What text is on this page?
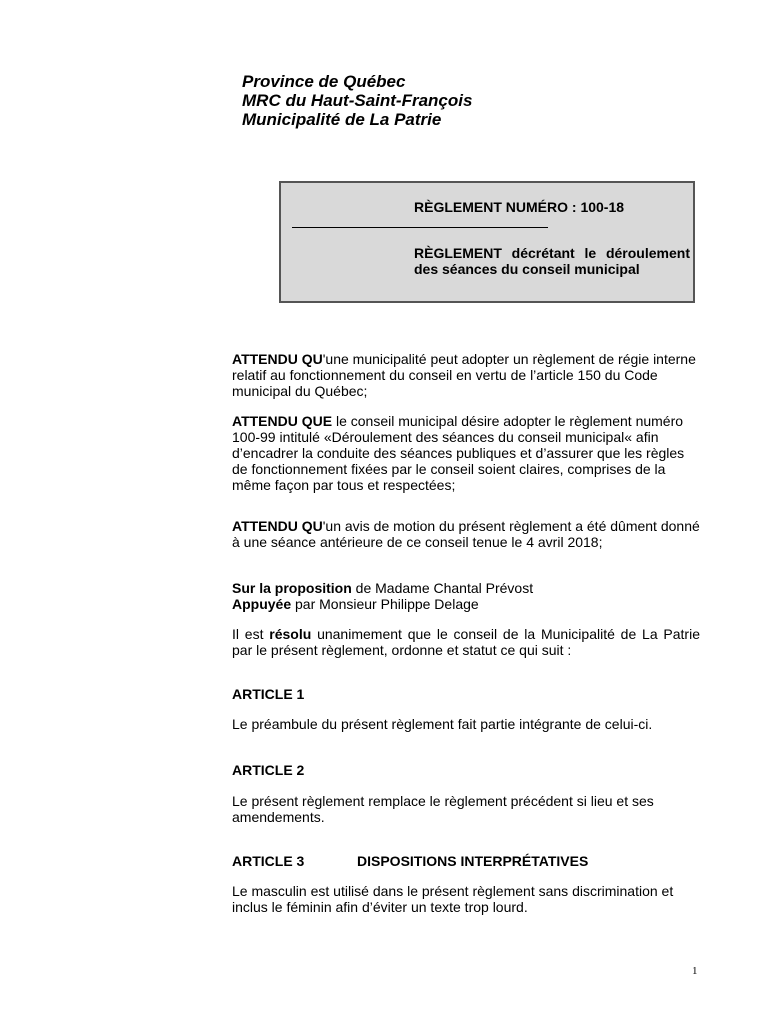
Province de Québec
MRC du Haut-Saint-François
Municipalité de La Patrie
RÈGLEMENT NUMÉRO : 100-18
RÈGLEMENT décrétant le déroulement des séances du conseil municipal
ATTENDU QU'une municipalité peut adopter un règlement de régie interne relatif au fonctionnement du conseil en vertu de l’article 150 du Code municipal du Québec;
ATTENDU QUE le conseil municipal désire adopter le règlement numéro 100-99 intitulé «Déroulement des séances du conseil municipal« afin d’encadrer la conduite des séances publiques et d’assurer que les règles de fonctionnement fixées par le conseil soient claires, comprises de la même façon par tous et respectées;
ATTENDU QU'un avis de motion du présent règlement a été dûment donné à une séance antérieure de ce conseil tenue le 4 avril 2018;
Sur la proposition de Madame Chantal Prévost
Appuyée par Monsieur Philippe Delage
Il est résolu unanimement que le conseil de la Municipalité de La Patrie par le présent règlement, ordonne et statut ce qui suit :
ARTICLE 1
Le préambule du présent règlement fait partie intégrante de celui-ci.
ARTICLE 2
Le présent règlement remplace le règlement précédent si lieu et ses amendements.
ARTICLE 3	DISPOSITIONS INTERPRÉTATIVES
Le masculin est utilisé dans le présent règlement sans discrimination et inclus le féminin afin d’éviter un texte trop lourd.
1
